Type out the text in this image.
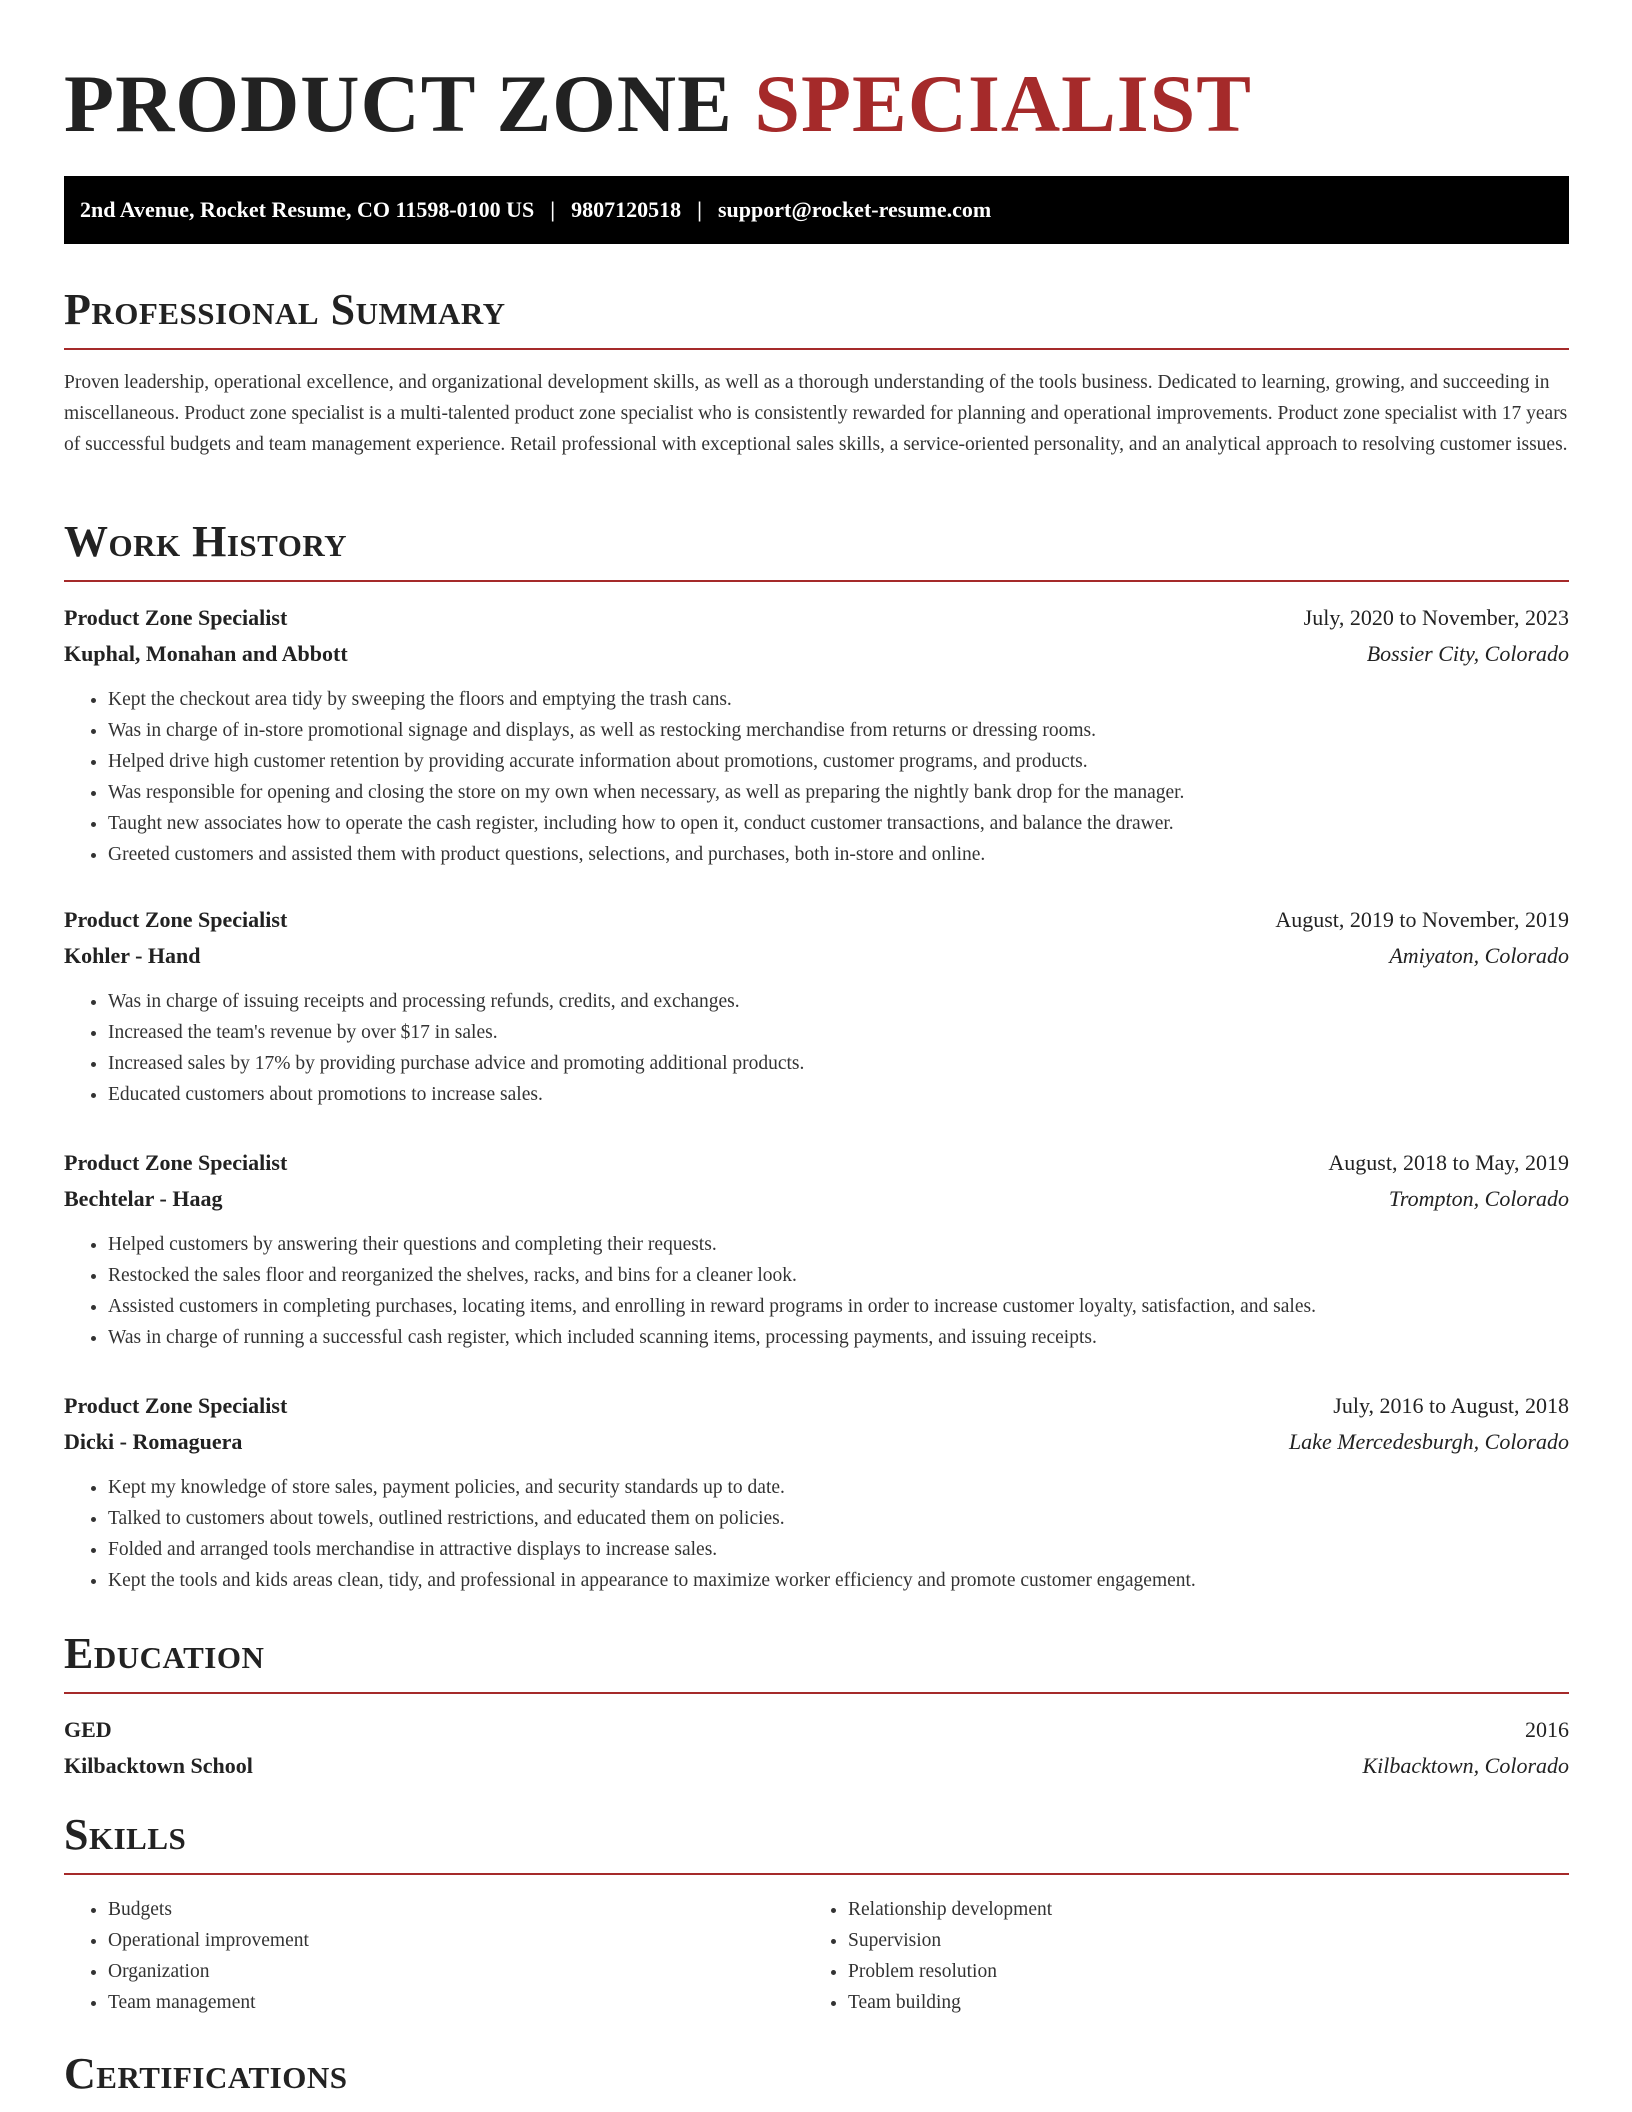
PRODUCT ZONE SPECIALIST
2nd Avenue, Rocket Resume, CO 11598-0100 US | 9807120518 | support@rocket-resume.com
Professional Summary

Proven leadership, operational excellence, and organizational development skills, as well as a thorough understanding of the tools business. Dedicated to learning, growing, and succeeding in miscellaneous. Product zone specialist is a multi-talented product zone specialist who is consistently rewarded for planning and operational improvements. Product zone specialist with 17 years of successful budgets and team management experience. Retail professional with exceptional sales skills, a service-oriented personality, and an analytical approach to resolving customer issues.

Work History
Product Zone Specialist	July, 2020 to November, 2023
Kuphal, Monahan and Abbott	Bossier City, Colorado
• Kept the checkout area tidy by sweeping the floors and emptying the trash cans.
• Was in charge of in-store promotional signage and displays, as well as restocking merchandise from returns or dressing rooms.
• Helped drive high customer retention by providing accurate information about promotions, customer programs, and products.
• Was responsible for opening and closing the store on my own when necessary, as well as preparing the nightly bank drop for the manager.
• Taught new associates how to operate the cash register, including how to open it, conduct customer transactions, and balance the drawer.
• Greeted customers and assisted them with product questions, selections, and purchases, both in-store and online.
Product Zone Specialist	August, 2019 to November, 2019
Kohler - Hand	Amiyaton, Colorado
• Was in charge of issuing receipts and processing refunds, credits, and exchanges.
• Increased the team's revenue by over $17 in sales.
• Increased sales by 17% by providing purchase advice and promoting additional products.
• Educated customers about promotions to increase sales.
Product Zone Specialist	August, 2018 to May, 2019
Bechtelar - Haag	Trompton, Colorado
• Helped customers by answering their questions and completing their requests.
• Restocked the sales floor and reorganized the shelves, racks, and bins for a cleaner look.
• Assisted customers in completing purchases, locating items, and enrolling in reward programs in order to increase customer loyalty, satisfaction, and sales.
• Was in charge of running a successful cash register, which included scanning items, processing payments, and issuing receipts.
Product Zone Specialist	July, 2016 to August, 2018
Dicki - Romaguera	Lake Mercedesburgh, Colorado
• Kept my knowledge of store sales, payment policies, and security standards up to date.
• Talked to customers about towels, outlined restrictions, and educated them on policies.
• Folded and arranged tools merchandise in attractive displays to increase sales.
• Kept the tools and kids areas clean, tidy, and professional in appearance to maximize worker efficiency and promote customer engagement.
Education
GED	2016
Kilbacktown School	Kilbacktown, Colorado
Skills
• Budgets
• Operational improvement
• Organization
• Team management
• Relationship development
• Supervision
• Problem resolution
• Team building
Certifications
